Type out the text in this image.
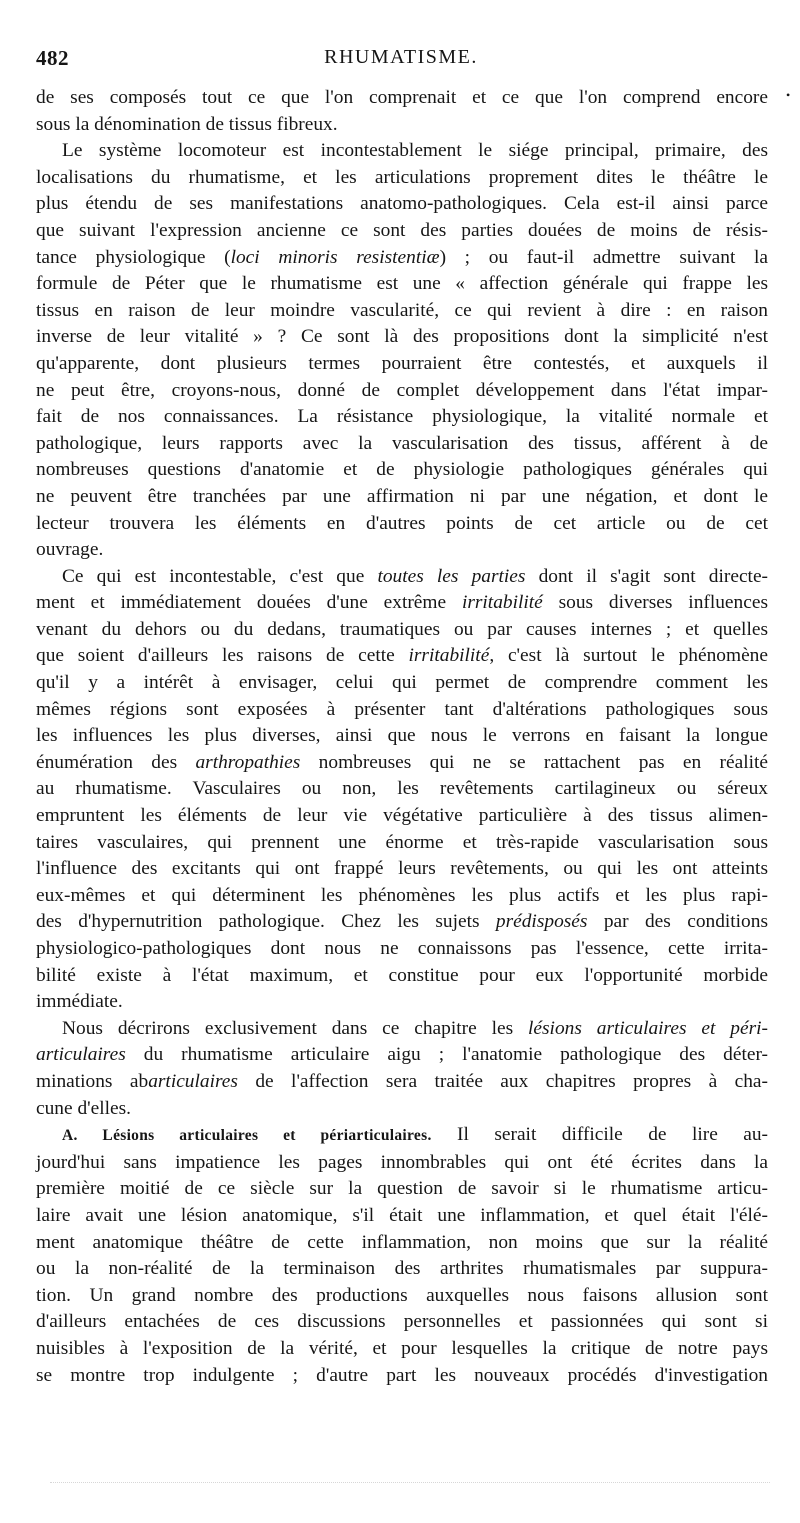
482	RHUMATISME.
•
de ses composés tout ce que l'on comprenait et ce que l'on comprend encore
sous la dénomination de tissus fibreux.
Le système locomoteur est incontestablement le siége principal, primaire, des
localisations du rhumatisme, et les articulations proprement dites le théâtre le
plus étendu de ses manifestations anatomo-pathologiques. Cela est-il ainsi parce
que suivant l'expression ancienne ce sont des parties douées de moins de résis-
tance physiologique (loci minoris resistentiæ) ; ou faut-il admettre suivant la
formule de Péter que le rhumatisme est une « affection générale qui frappe les
tissus en raison de leur moindre vascularité, ce qui revient à dire : en raison
inverse de leur vitalité » ? Ce sont là des propositions dont la simplicité n'est
qu'apparente, dont plusieurs termes pourraient être contestés, et auxquels il
ne peut être, croyons-nous, donné de complet développement dans l'état impar-
fait de nos connaissances. La résistance physiologique, la vitalité normale et
pathologique, leurs rapports avec la vascularisation des tissus, afférent à de
nombreuses questions d'anatomie et de physiologie pathologiques générales qui
ne peuvent être tranchées par une affirmation ni par une négation, et dont le
lecteur trouvera les éléments en d'autres points de cet article ou de cet
ouvrage.
Ce qui est incontestable, c'est que toutes les parties dont il s'agit sont directe-
ment et immédiatement douées d'une extrême irritabilité sous diverses influences
venant du dehors ou du dedans, traumatiques ou par causes internes ; et quelles
que soient d'ailleurs les raisons de cette irritabilité, c'est là surtout le phénomène
qu'il y a intérêt à envisager, celui qui permet de comprendre comment les
mêmes régions sont exposées à présenter tant d'altérations pathologiques sous
les influences les plus diverses, ainsi que nous le verrons en faisant la longue
énumération des arthropathies nombreuses qui ne se rattachent pas en réalité
au rhumatisme. Vasculaires ou non, les revêtements cartilagineux ou séreux
empruntent les éléments de leur vie végétative particulière à des tissus alimen-
taires vasculaires, qui prennent une énorme et très-rapide vascularisation sous
l'influence des excitants qui ont frappé leurs revêtements, ou qui les ont atteints
eux-mêmes et qui déterminent les phénomènes les plus actifs et les plus rapi-
des d'hypernutrition pathologique. Chez les sujets prédisposés par des conditions
physiologico-pathologiques dont nous ne connaissons pas l'essence, cette irrita-
bilité existe à l'état maximum, et constitue pour eux l'opportunité morbide
immédiate.
Nous décrirons exclusivement dans ce chapitre les lésions articulaires et péri-
articulaires du rhumatisme articulaire aigu ; l'anatomie pathologique des déter-
minations abarticulaires de l'affection sera traitée aux chapitres propres à cha-
cune d'elles.
A. Lésions articulaires et périarticulaires. Il serait difficile de lire au-
jourd'hui sans impatience les pages innombrables qui ont été écrites dans la
première moitié de ce siècle sur la question de savoir si le rhumatisme articu-
laire avait une lésion anatomique, s'il était une inflammation, et quel était l'élé-
ment anatomique théâtre de cette inflammation, non moins que sur la réalité
ou la non-réalité de la terminaison des arthrites rhumatismales par suppura-
tion. Un grand nombre des productions auxquelles nous faisons allusion sont
d'ailleurs entachées de ces discussions personnelles et passionnées qui sont si
nuisibles à l'exposition de la vérité, et pour lesquelles la critique de notre pays
se montre trop indulgente ; d'autre part les nouveaux procédés d'investigation
